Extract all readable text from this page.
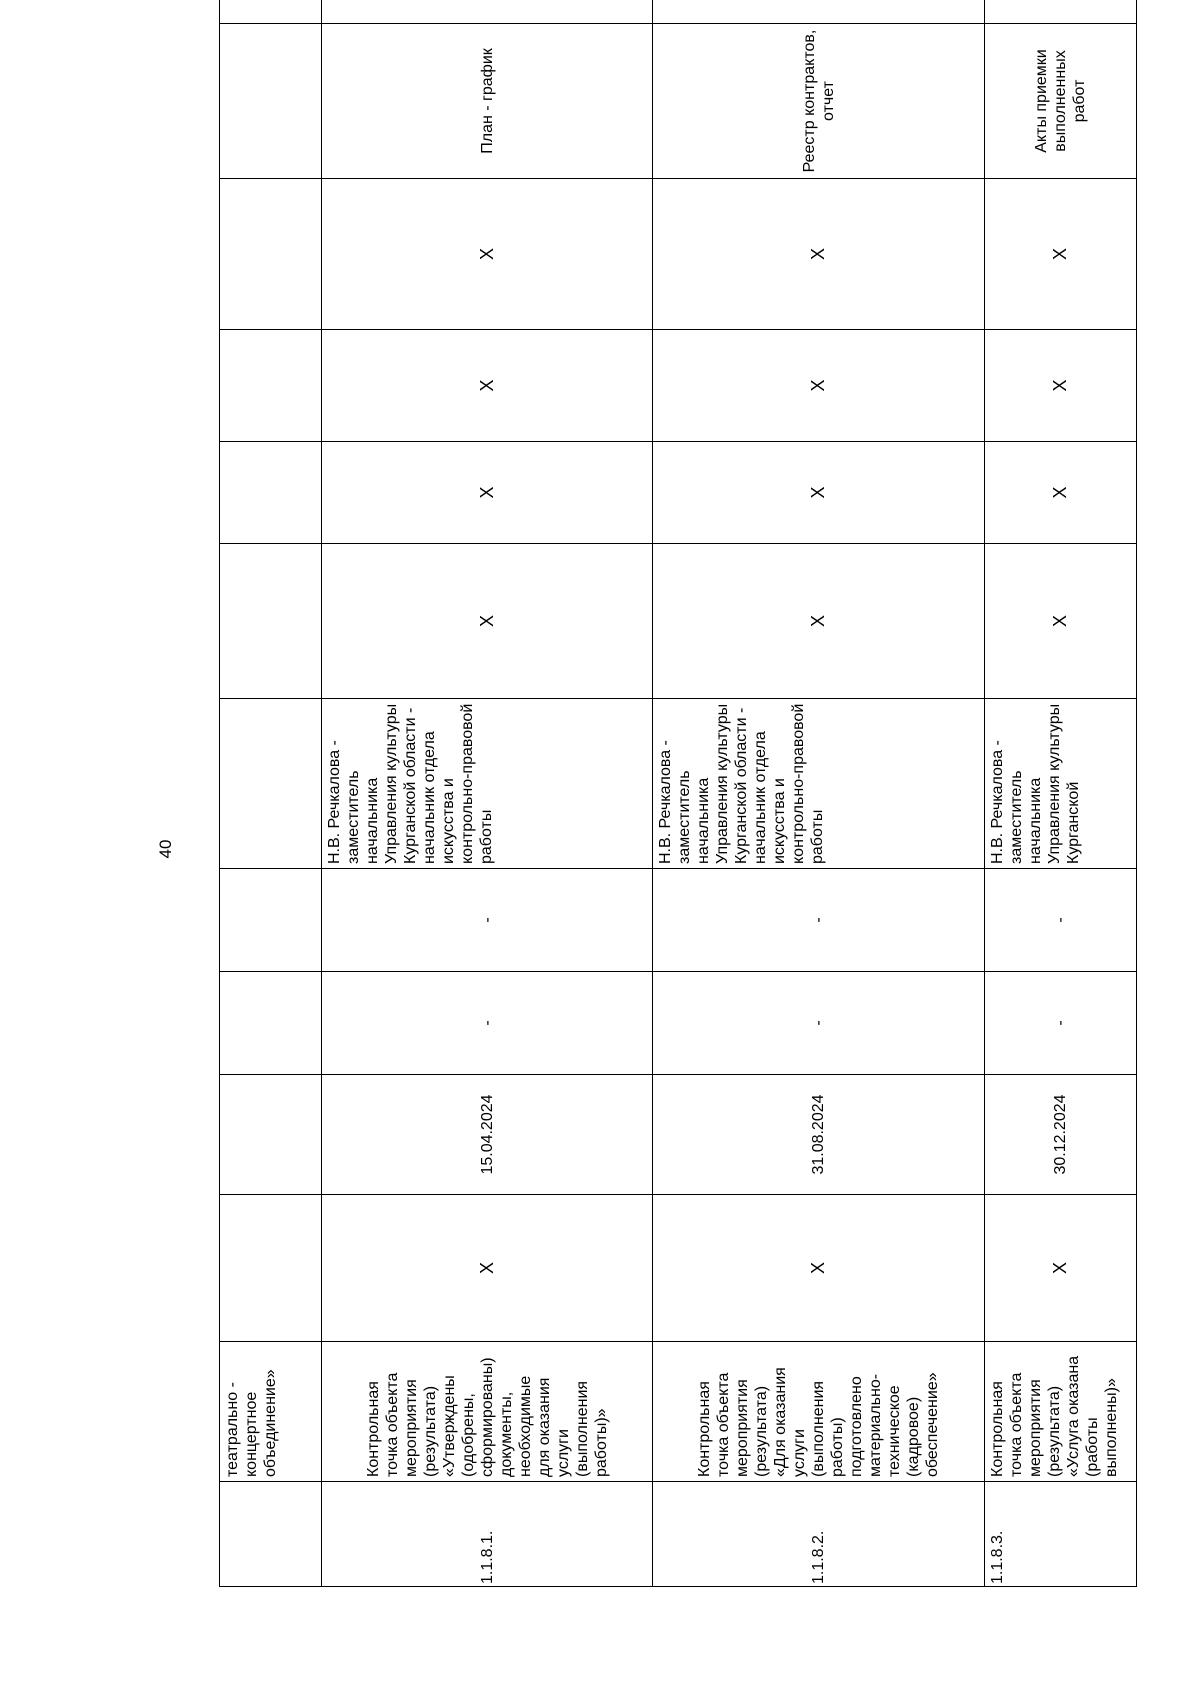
40
	театрально - концертное объединение»											
1.1.8.1.	Контрольная точка объекта мероприятия (результата) «Утверждены (одобрены, сформированы) документы, необходимые для оказания услуги (выполнения работы)»	X	15.04.2024	-	-	Н.В. Речкалова - заместитель начальника Управления культуры Курганской области - начальник отдела искусства и контрольно-правовой работы	X	X	X	X	План - график	
1.1.8.2.	Контрольная точка объекта мероприятия (результата) «Для оказания услуги (выполнения работы) подготовлено материально-техническое (кадровое) обеспечение»	X	31.08.2024	-	-	Н.В. Речкалова - заместитель начальника Управления культуры Курганской области - начальник отдела искусства и контрольно-правовой работы	X	X	X	X	Реестр контрактов, отчет	
1.1.8.3.	Контрольная точка объекта мероприятия (результата) «Услуга оказана (работы выполнены)»	X	30.12.2024	-	-	Н.В. Речкалова - заместитель начальника Управления культуры Курганской	X	X	X	X	Акты приемки выполненных работ	
